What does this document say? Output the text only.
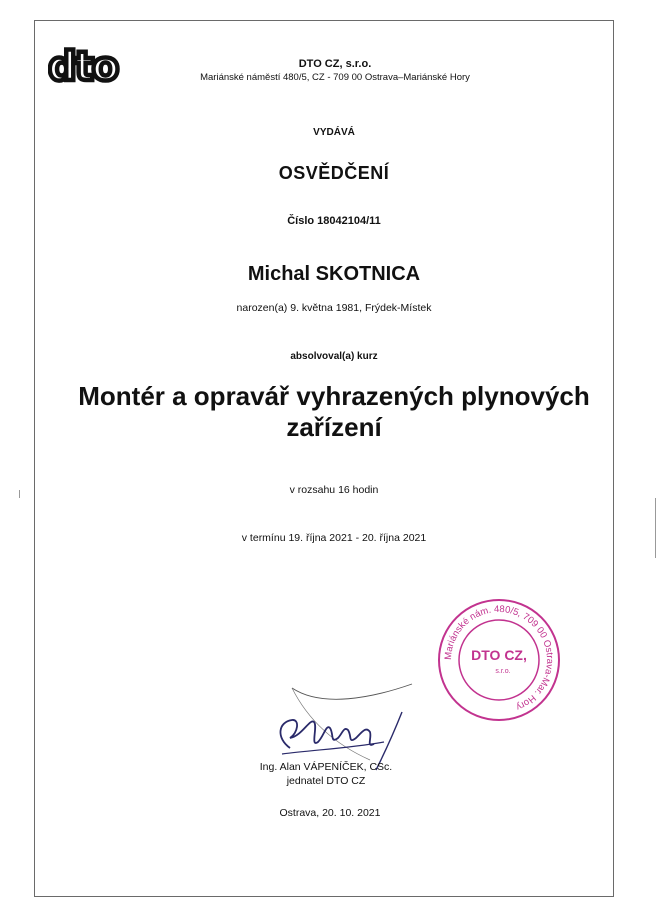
dto	DTO CZ, s.r.o.
Mariánské náměstí 480/5, CZ - 709 00 Ostrava–Mariánské Hory
VYDÁVÁ
OSVĚDČENÍ
Číslo 18042104/11
Michal SKOTNICA
narozen(a) 9. května 1981, Frýdek-Místek
absolvoval(a) kurz
Montér a opravář vyhrazených plynových zařízení
v rozsahu 16 hodin
v termínu 19. října 2021 - 20. října 2021
Ing. Alan VÁPENÍČEK, CSc.
jednatel DTO CZ
Ostrava, 20. 10. 2021
Mariánské nám. 480/5, 709 00 Ostrava-Mar. Hory
DTO CZ,
s.r.o.
